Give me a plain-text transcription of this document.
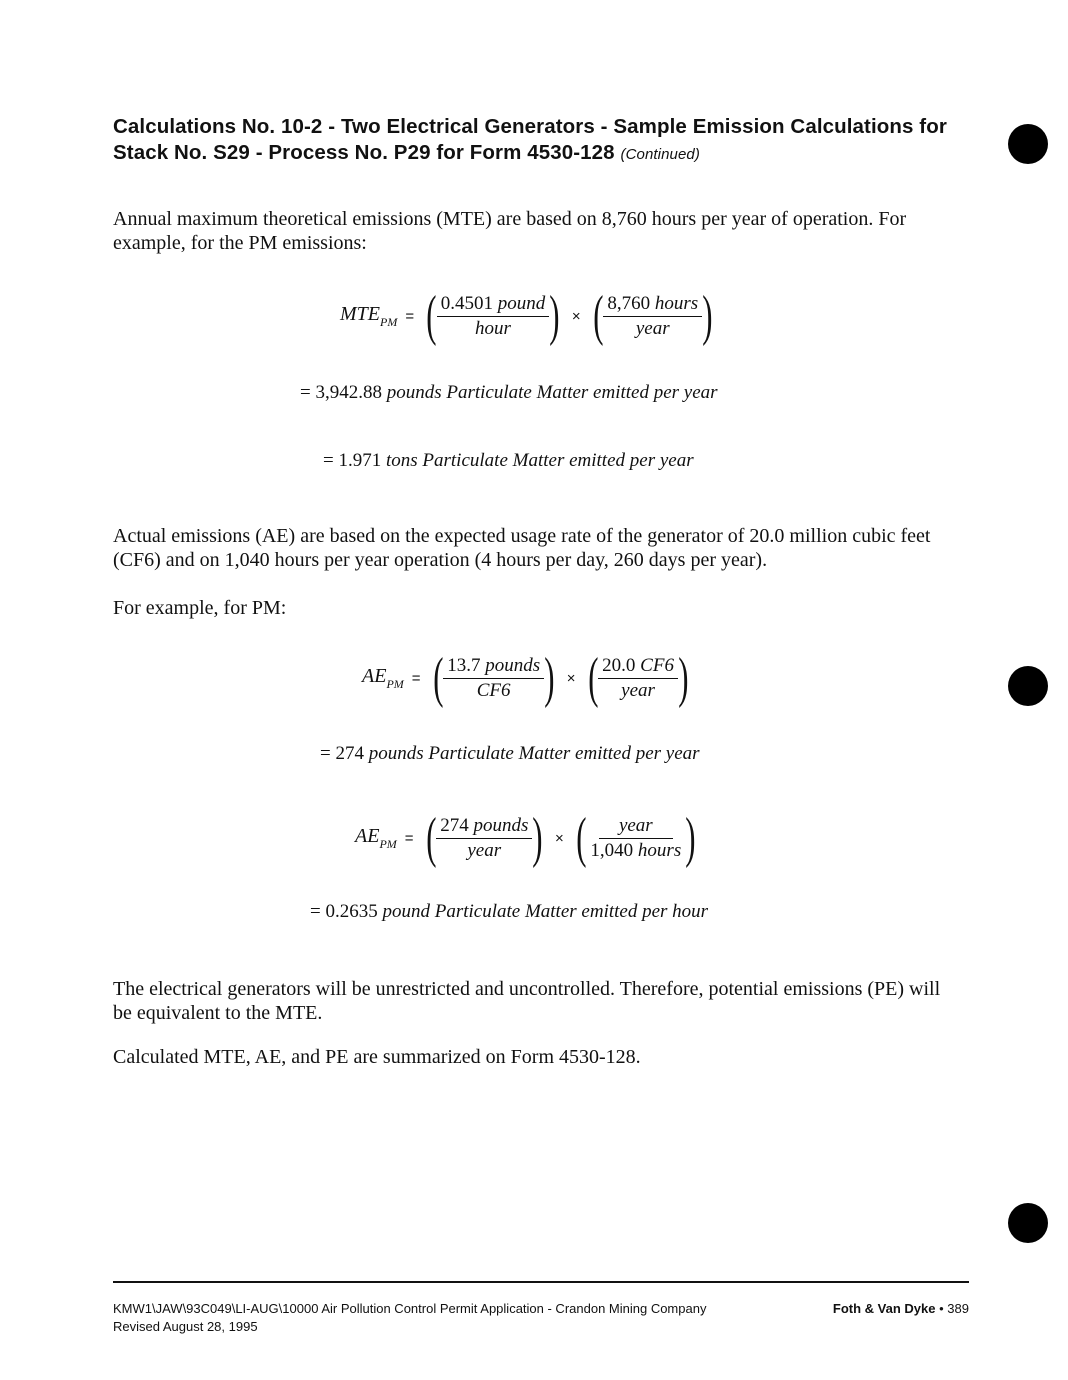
Calculations No. 10-2 - Two Electrical Generators - Sample Emission Calculations for
Stack No. S29 - Process No. P29 for Form 4530-128 (Continued)
Annual maximum theoretical emissions (MTE) are based on 8,760 hours per year of operation. For example, for the PM emissions:
$MTE_{PM}$ = ( $\frac{\text{0.4501 pound}}{\text{hour}}$ ) × ( $\frac{\text{8,760 hours}}{\text{year}}$ )
= 3,942.88 pounds Particulate Matter emitted per year
= 1.971 tons Particulate Matter emitted per year
Actual emissions (AE) are based on the expected usage rate of the generator of 20.0 million cubic feet (CF6) and on 1,040 hours per year operation (4 hours per day, 260 days per year).
For example, for PM:
$AE_{PM}$ = ( $\frac{\text{13.7 pounds}}{CF6}$ ) × ( $\frac{20.0 CF6}{\text{year}}$ )
= 274 pounds Particulate Matter emitted per year
$AE_{PM}$ = ( $\frac{\text{274 pounds}}{\text{year}}$ ) × ( $\frac{\text{year}}{\text{1,040 hours}}$ )
= 0.2635 pound Particulate Matter emitted per hour
The electrical generators will be unrestricted and uncontrolled. Therefore, potential emissions (PE) will be equivalent to the MTE.
Calculated MTE, AE, and PE are summarized on Form 4530-128.
KMW1\JAW\93C049\LI-AUG\10000 Air Pollution Control Permit Application - Crandon Mining Company
Revised August 28, 1995
Foth & Van Dyke • 389
